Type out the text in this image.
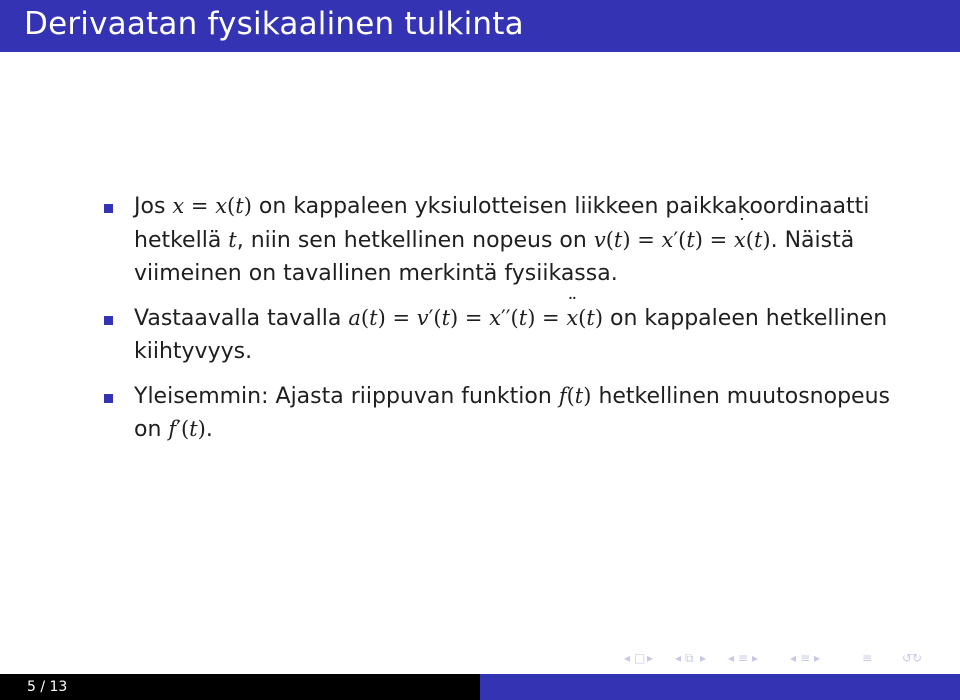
Derivaatan fysikaalinen tulkinta
Jos x = x(t) on kappaleen yksiulotteisen liikkeen paikkakoordinaatti hetkellä t, niin sen hetkellinen nopeus on v(t) = x′(t) = ˙ x(t). Näistä viimeinen on tavallinen merkintä fysiikassa.
Vastaavalla tavalla a(t) = v′(t) = x′′(t) = ¨ x(t) on kappaleen hetkellinen kiihtyvyys.
Yleisemmin: Ajasta riippuvan funktion f(t) hetkellinen muutosnopeus on f′(t).
◂ □ ▸ ◂ ⧉ ▸ ◂ ≡ ▸	◂ ≡ ▸	≡ ↺↻
5 / 13
